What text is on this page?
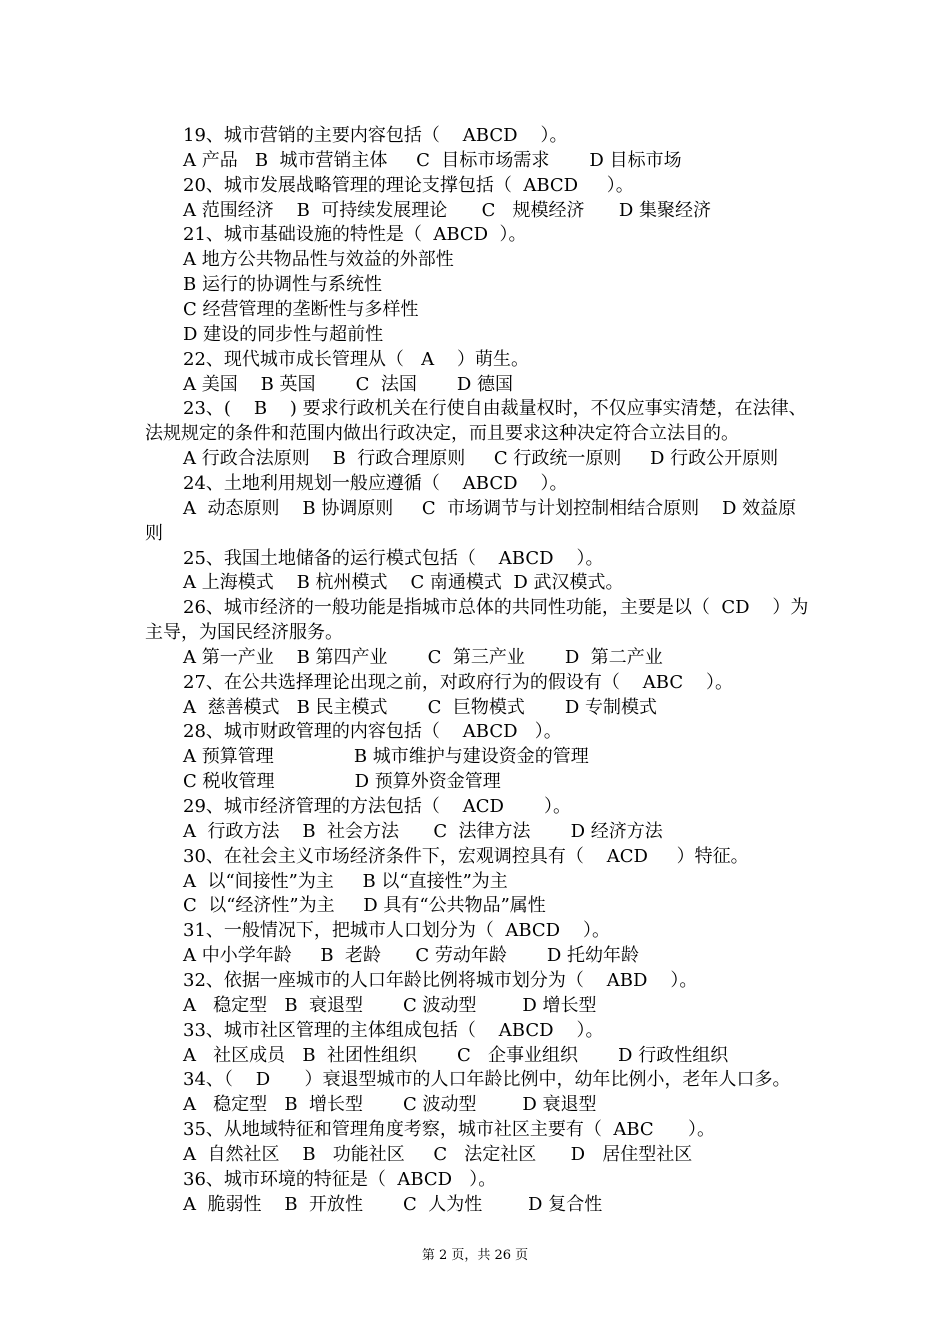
19、城市营销的主要内容包括（    ABCD    ）。
A 产品   B  城市营销主体     C  目标市场需求       D 目标市场
20、城市发展战略管理的理论支撑包括（  ABCD     ）。
A 范围经济    B  可持续发展理论      C   规模经济      D 集聚经济
21、城市基础设施的特性是（  ABCD  ）。
A 地方公共物品性与效益的外部性
B 运行的协调性与系统性
C 经营管理的垄断性与多样性
D 建设的同步性与超前性
22、现代城市成长管理从（   A    ）萌生。
A 美国    B 英国       C  法国       D 德国
23、(    B    ) 要求行政机关在行使自由裁量权时，不仅应事实清楚，在法律、
法规规定的条件和范围内做出行政决定，而且要求这种决定符合立法目的。
A 行政合法原则    B  行政合理原则     C 行政统一原则     D 行政公开原则
24、土地利用规划一般应遵循（    ABCD    ）。
A  动态原则    B 协调原则     C  市场调节与计划控制相结合原则    D 效益原
则
25、我国土地储备的运行模式包括（    ABCD    ）。
A 上海模式    B 杭州模式    C 南通模式  D 武汉模式。
26、城市经济的一般功能是指城市总体的共同性功能，主要是以（  CD    ）为
主导，为国民经济服务。
A 第一产业    B 第四产业       C  第三产业       D  第二产业
27、在公共选择理论出现之前，对政府行为的假设有（    ABC    ）。
A  慈善模式   B 民主模式       C  巨物模式       D 专制模式
28、城市财政管理的内容包括（    ABCD   ）。
A 预算管理              B 城市维护与建设资金的管理
C 税收管理              D 预算外资金管理
29、城市经济管理的方法包括（    ACD       ）。
A  行政方法    B  社会方法      C  法律方法       D 经济方法
30、在社会主义市场经济条件下，宏观调控具有（    ACD     ）特征。
A  以“间接性”为主     B 以“直接性”为主
C  以“经济性”为主     D 具有“公共物品”属性
31、一般情况下，把城市人口划分为（  ABCD    ）。
A 中小学年龄     B  老龄      C 劳动年龄       D 托幼年龄
32、依据一座城市的人口年龄比例将城市划分为（    ABD    ）。
A   稳定型   B  衰退型       C 波动型        D 增长型
33、城市社区管理的主体组成包括（    ABCD    ）。
A   社区成员   B  社团性组织       C   企事业组织       D 行政性组织
34、（    D      ）衰退型城市的人口年龄比例中，幼年比例小，老年人口多。
A   稳定型   B  增长型       C 波动型        D 衰退型
35、从地域特征和管理角度考察，城市社区主要有（  ABC      ）。
A  自然社区    B   功能社区     C   法定社区      D   居住型社区
36、城市环境的特征是（  ABCD   ）。
A  脆弱性    B  开放性       C  人为性        D 复合性
第 2 页，共 26 页
